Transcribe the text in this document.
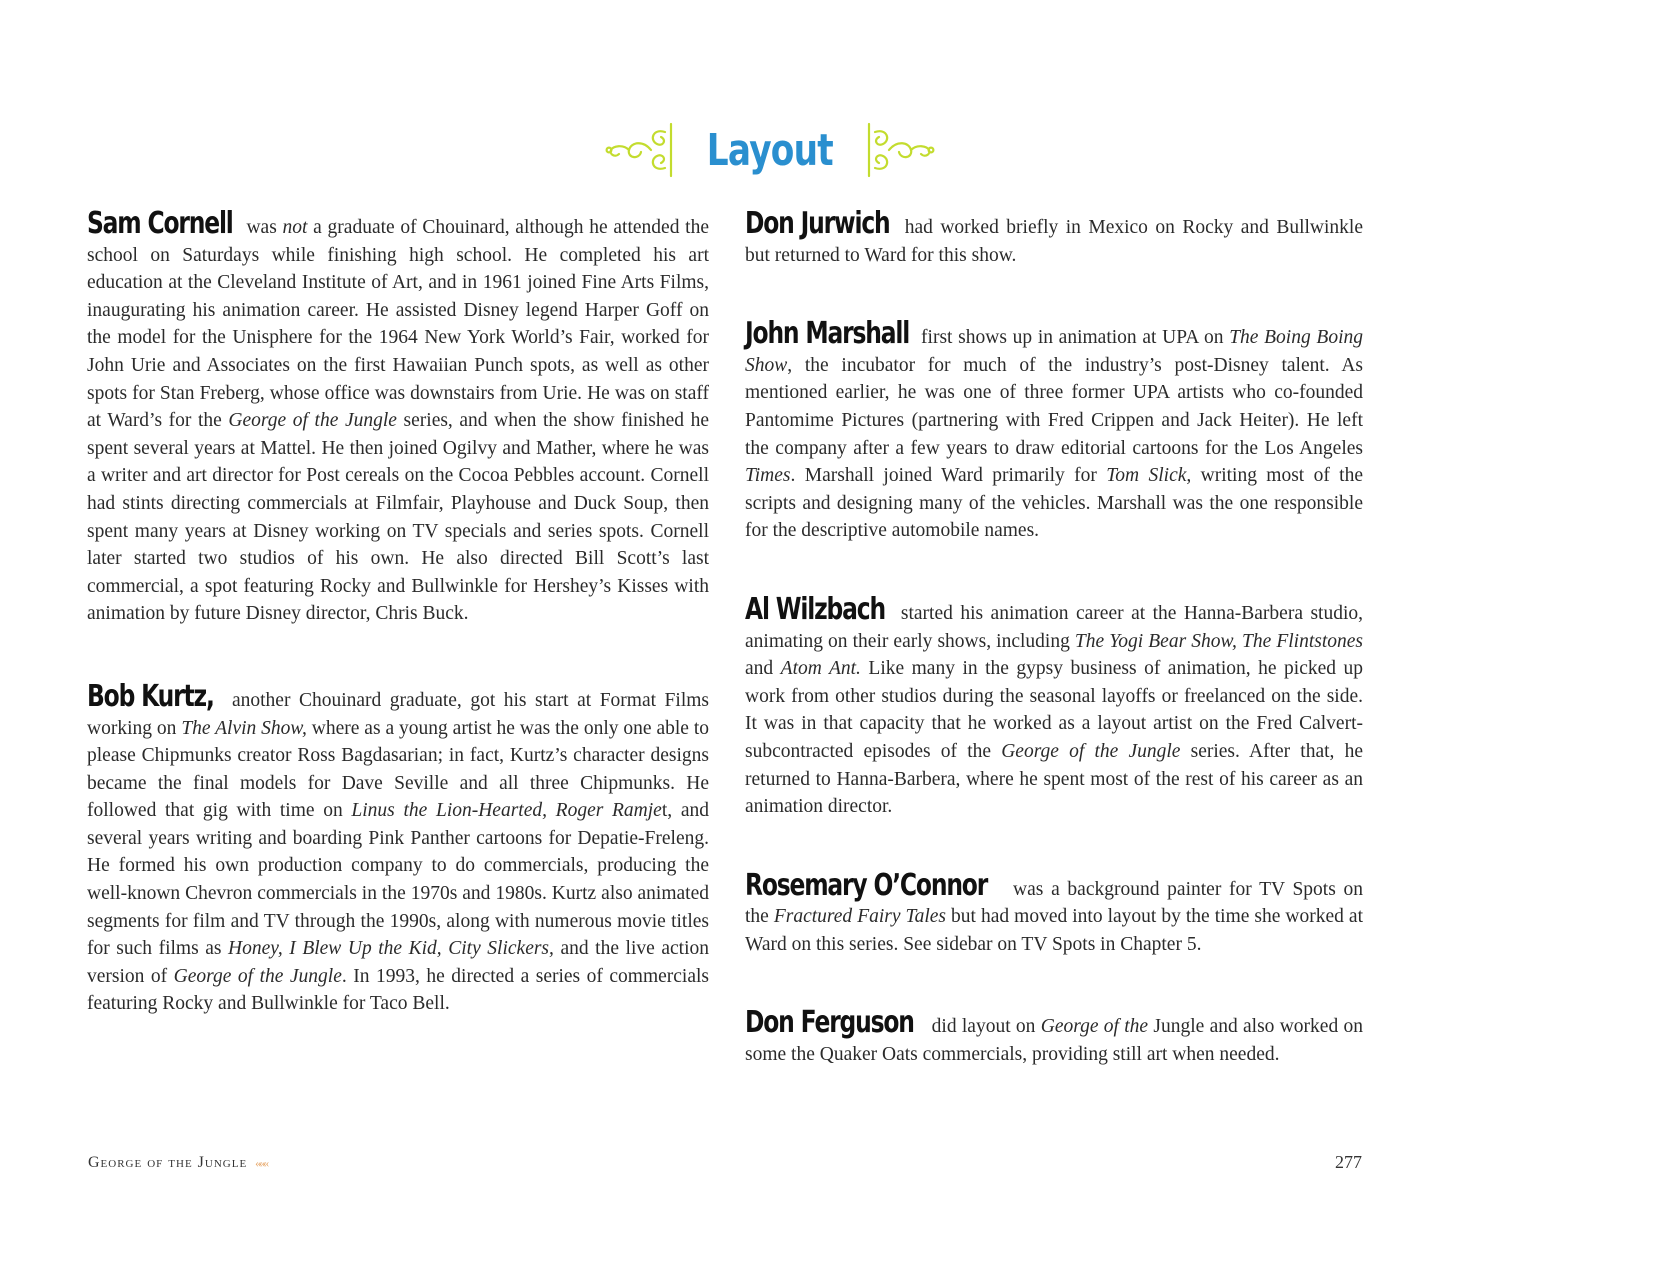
Layout

Sam Cornell was not a graduate of Chouinard, although he attended the school on Saturdays while finishing high school. He completed his art education at the Cleveland Institute of Art, and in 1961 joined Fine Arts Films, inaugurating his animation career. He assisted Disney legend Harper Goff on the model for the Unisphere for the 1964 New York World’s Fair, worked for John Urie and Associates on the first Hawaiian Punch spots, as well as other spots for Stan Freberg, whose office was downstairs from Urie. He was on staff at Ward’s for the George of the Jungle series, and when the show finished he spent several years at Mattel. He then joined Ogilvy and Mather, where he was a writer and art director for Post cereals on the Cocoa Pebbles account. Cornell had stints directing commercials at Filmfair, Playhouse and Duck Soup, then spent many years at Disney working on TV specials and series spots. Cornell later started two studios of his own. He also directed Bill Scott’s last commercial, a spot featuring Rocky and Bullwinkle for Hershey’s Kisses with animation by future Disney director, Chris Buck.

Bob Kurtz, another Chouinard graduate, got his start at Format Films working on The Alvin Show, where as a young artist he was the only one able to please Chipmunks creator Ross Bagdasarian; in fact, Kurtz’s character designs became the final models for Dave Seville and all three Chipmunks. He followed that gig with time on Linus the Lion-Hearted, Roger Ramjet, and several years writing and boarding Pink Panther cartoons for Depatie-Freleng. He formed his own production company to do commercials, producing the well-known Chevron commercials in the 1970s and 1980s. Kurtz also animated segments for film and TV through the 1990s, along with numerous movie titles for such films as Honey, I Blew Up the Kid, City Slickers, and the live action version of George of the Jungle. In 1993, he directed a series of commercials featuring Rocky and Bullwinkle for Taco Bell.

Don Jurwich had worked briefly in Mexico on Rocky and Bullwinkle but returned to Ward for this show.

John Marshall first shows up in animation at UPA on The Boing Boing Show, the incubator for much of the industry’s post-Disney talent. As mentioned earlier, he was one of three former UPA artists who co-founded Pantomime Pictures (partnering with Fred Crippen and Jack Heiter). He left the company after a few years to draw editorial cartoons for the Los Angeles Times. Marshall joined Ward primarily for Tom Slick, writing most of the scripts and designing many of the vehicles. Marshall was the one responsible for the descriptive automobile names.

Al Wilzbach started his animation career at the Hanna-Barbera studio, animating on their early shows, including The Yogi Bear Show, The Flintstones and Atom Ant. Like many in the gypsy business of animation, he picked up work from other studios during the seasonal layoffs or freelanced on the side. It was in that capacity that he worked as a layout artist on the Fred Calvert-subcontracted episodes of the George of the Jungle series. After that, he returned to Hanna-Barbera, where he spent most of the rest of his career as an animation director.

Rosemary O’Connor was a background painter for TV Spots on the Fractured Fairy Tales but had moved into layout by the time she worked at Ward on this series. See sidebar on TV Spots in Chapter 5.

Don Ferguson did layout on George of the Jungle and also worked on some the Quaker Oats commercials, providing still art when needed.

George of the Jungle «««	277
